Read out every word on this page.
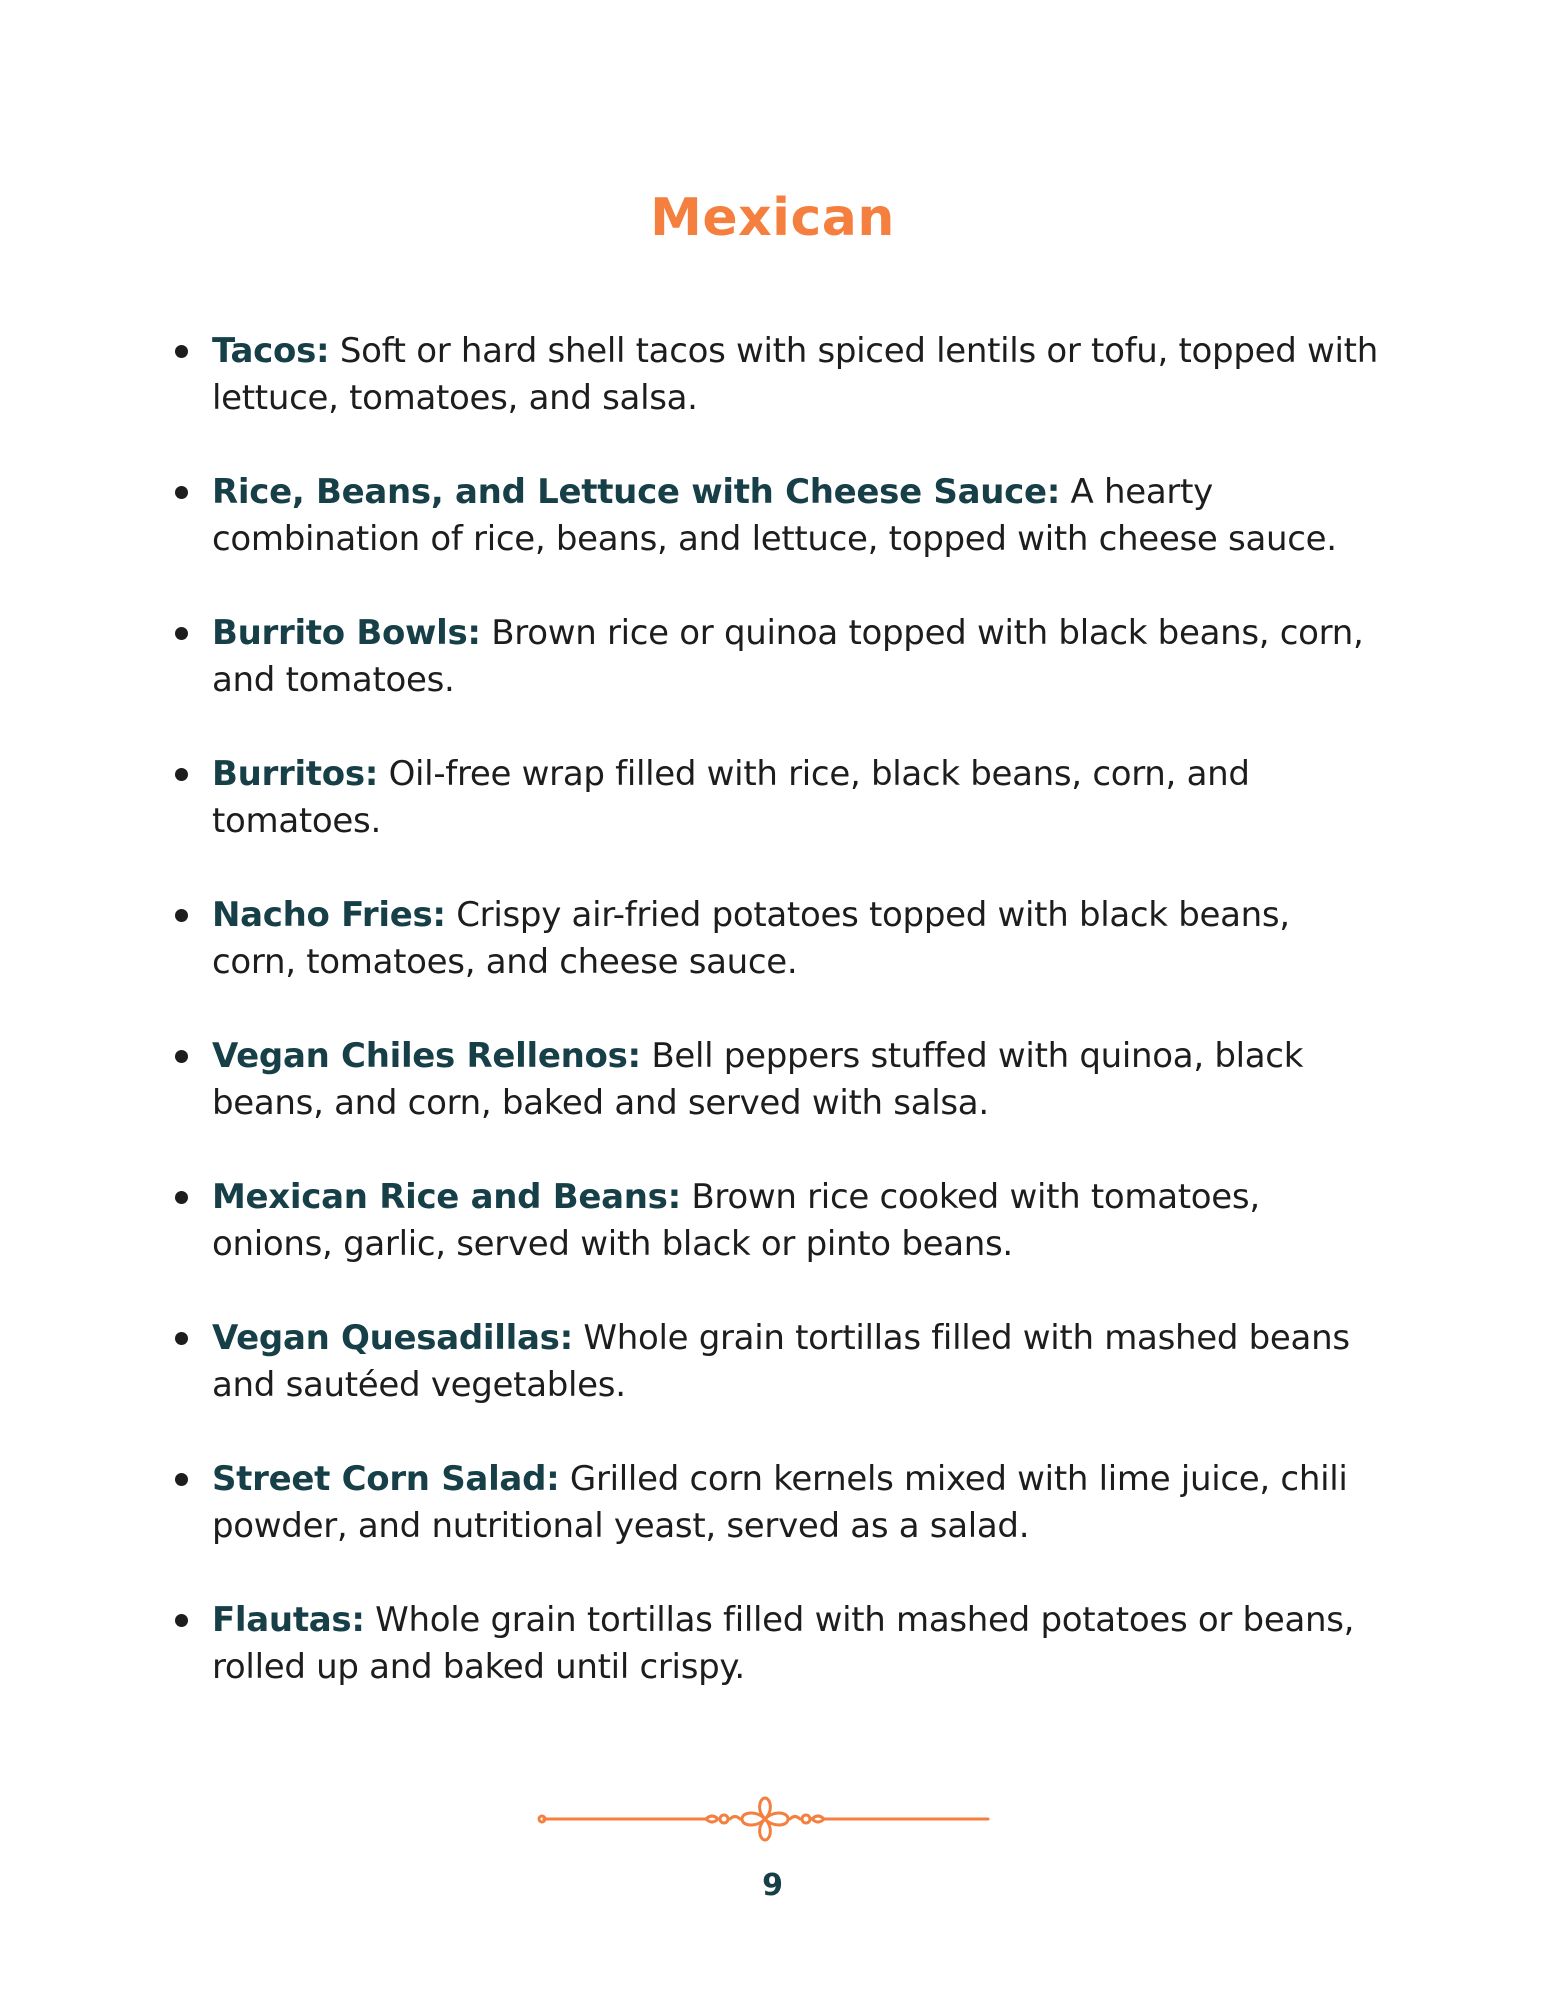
Mexican
Tacos: Soft or hard shell tacos with spiced lentils or tofu, topped with lettuce, tomatoes, and salsa.
Rice, Beans, and Lettuce with Cheese Sauce: A hearty combination of rice, beans, and lettuce, topped with cheese sauce.
Burrito Bowls: Brown rice or quinoa topped with black beans, corn, and tomatoes.
Burritos: Oil-free wrap filled with rice, black beans, corn, and tomatoes.
Nacho Fries: Crispy air-fried potatoes topped with black beans, corn, tomatoes, and cheese sauce.
Vegan Chiles Rellenos: Bell peppers stuffed with quinoa, black beans, and corn, baked and served with salsa.
Mexican Rice and Beans: Brown rice cooked with tomatoes, onions, garlic, served with black or pinto beans.
Vegan Quesadillas: Whole grain tortillas filled with mashed beans and sautéed vegetables.
Street Corn Salad: Grilled corn kernels mixed with lime juice, chili powder, and nutritional yeast, served as a salad.
Flautas: Whole grain tortillas filled with mashed potatoes or beans, rolled up and baked until crispy.
9
